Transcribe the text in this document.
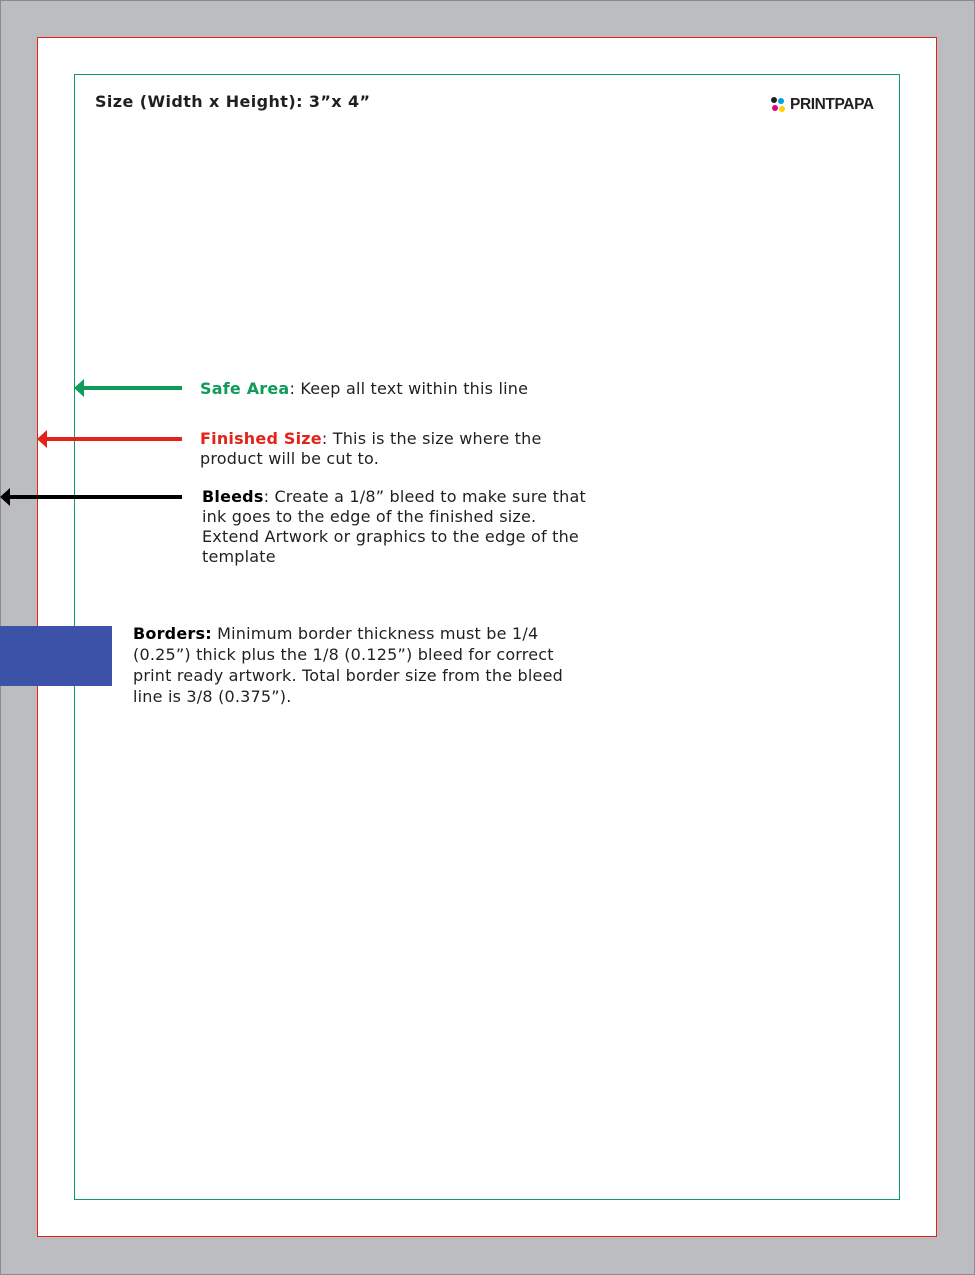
Size (Width x Height): 3”x 4”	PRINTPAPA
Safe Area: Keep all text within this line
Finished Size: This is the size where the product will be cut to.
Bleeds: Create a 1/8” bleed to make sure that ink goes to the edge of the finished size. Extend Artwork or graphics to the edge of the template
Borders: Minimum border thickness must be 1/4 (0.25”) thick plus the 1/8 (0.125”) bleed for correct print ready artwork. Total border size from the bleed line is 3/8 (0.375”).
